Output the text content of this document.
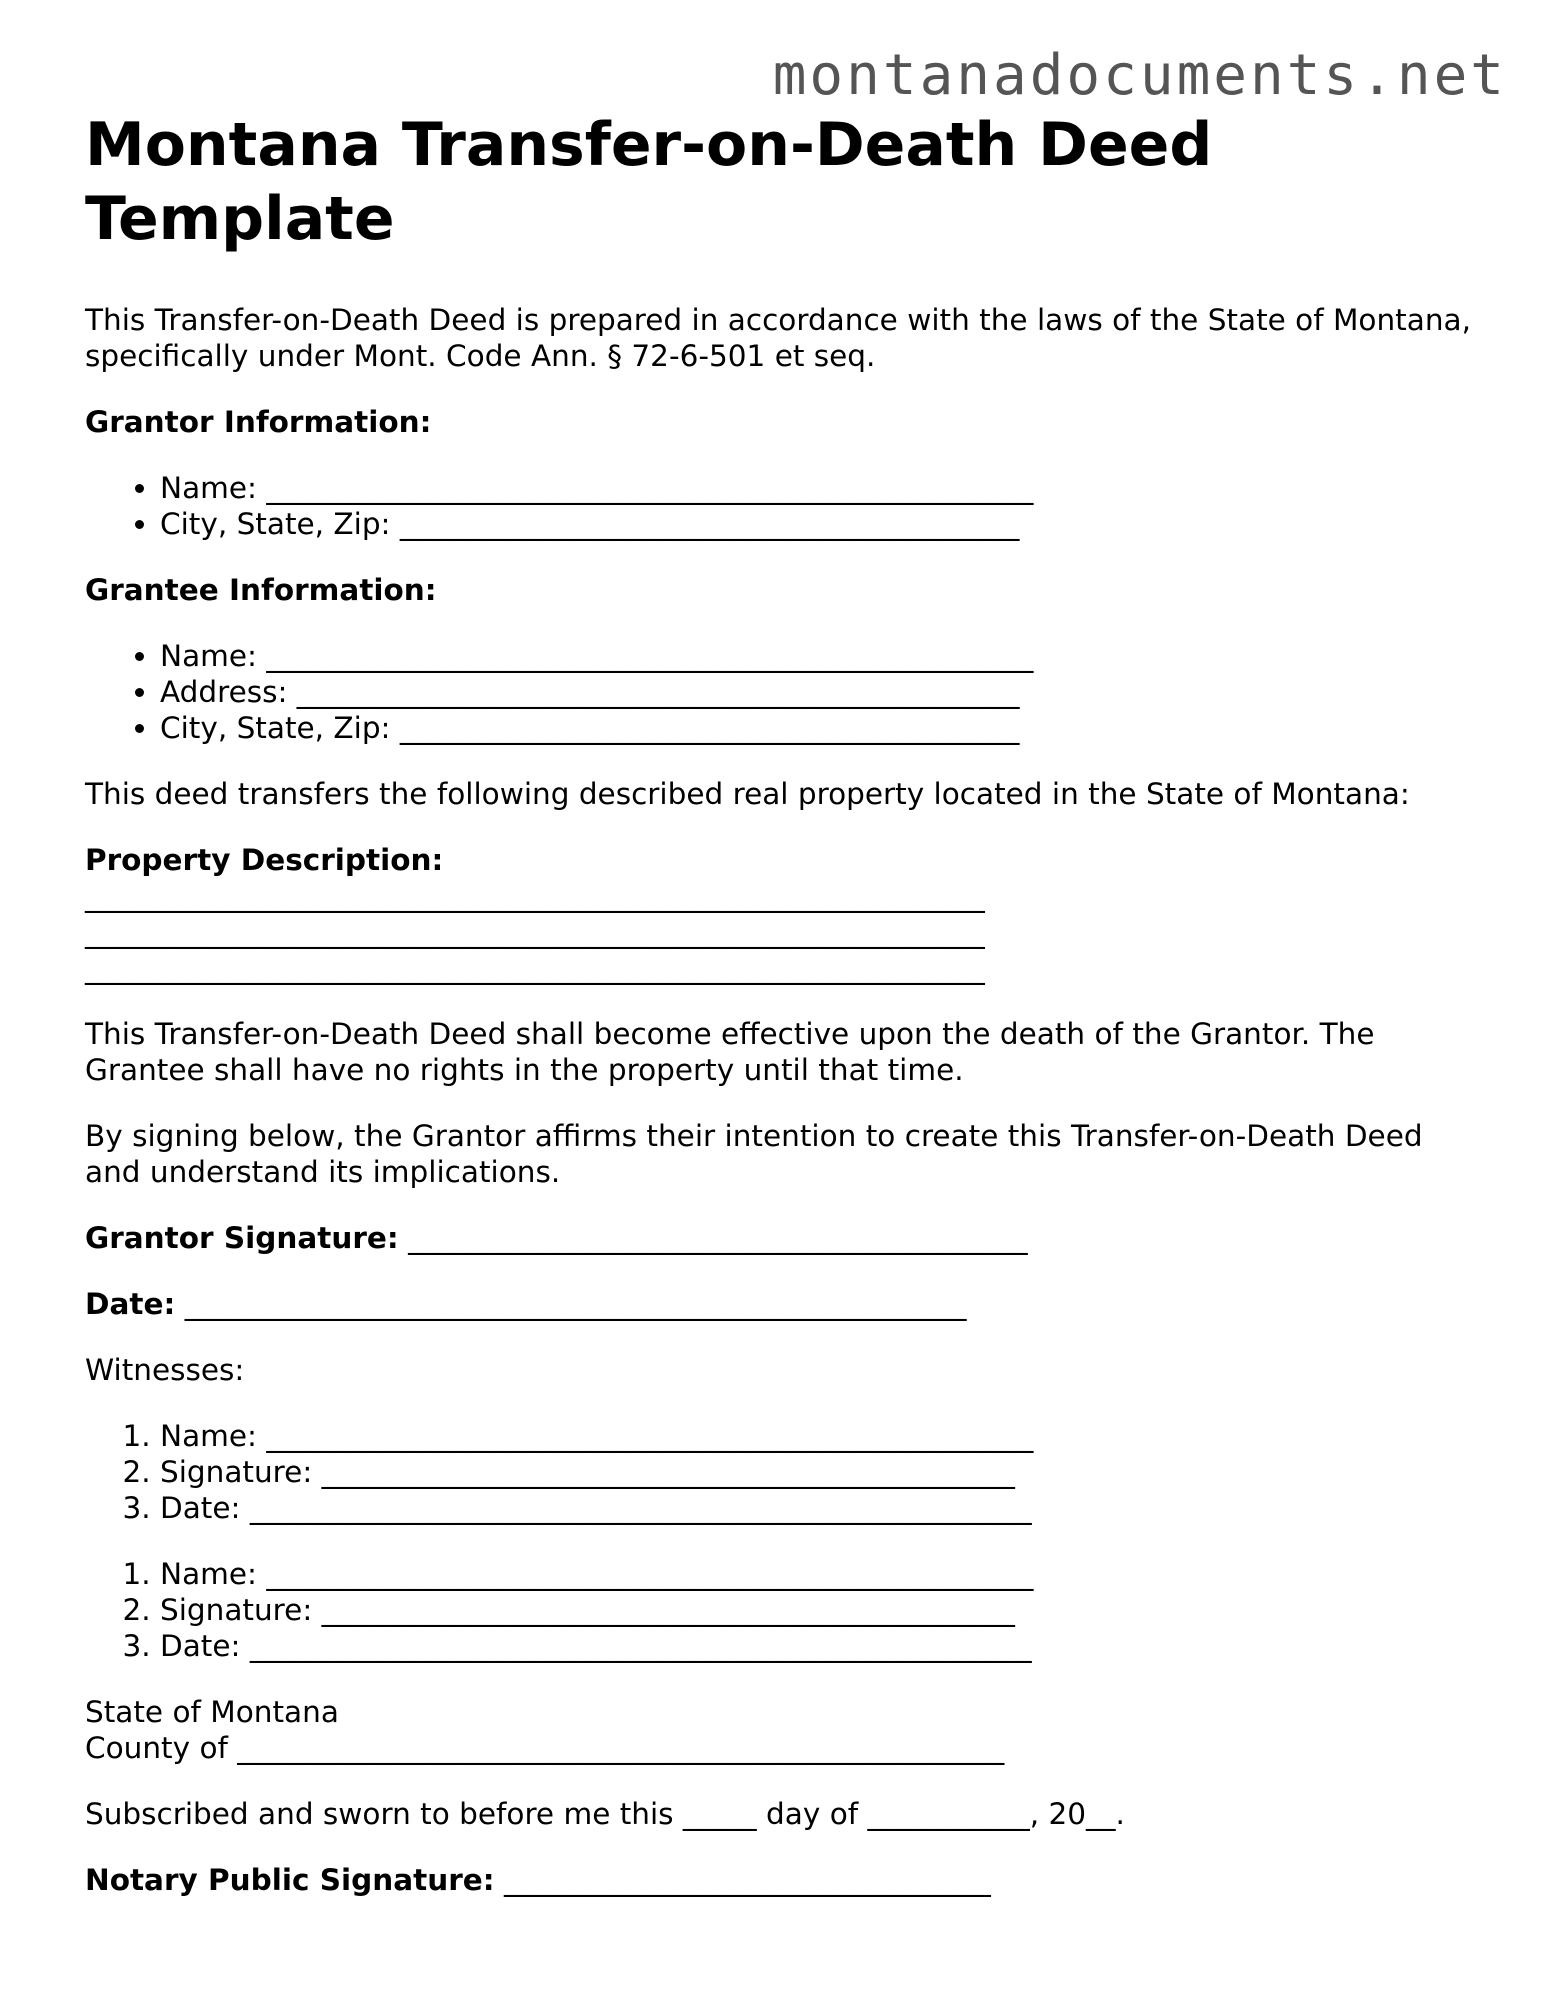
montanadocuments.net
Montana Transfer-on-Death Deed Template

This Transfer-on-Death Deed is prepared in accordance with the laws of the State of Montana, specifically under Mont. Code Ann. § 72-6-501 et seq.

Grantor Information:
• Name: ____________________________________________________
• City, State, Zip: __________________________________________
Grantee Information:
• Name: ____________________________________________________
• Address: _________________________________________________
• City, State, Zip: __________________________________________

This deed transfers the following described real property located in the State of Montana:

Property Description:
_____________________________________________________________
_____________________________________________________________
_____________________________________________________________

This Transfer-on-Death Deed shall become effective upon the death of the Grantor. The Grantee shall have no rights in the property until that time.

By signing below, the Grantor affirms their intention to create this Transfer-on-Death Deed and understand its implications.

Grantor Signature: __________________________________________

Date: _____________________________________________________

Witnesses:

1. Name: ____________________________________________________
2. Signature: _______________________________________________
3. Date: _____________________________________________________
1. Name: ____________________________________________________
2. Signature: _______________________________________________
3. Date: _____________________________________________________
State of Montana
County of ____________________________________________________

Subscribed and sworn to before me this _____ day of ___________, 20__.

Notary Public Signature: _________________________________
